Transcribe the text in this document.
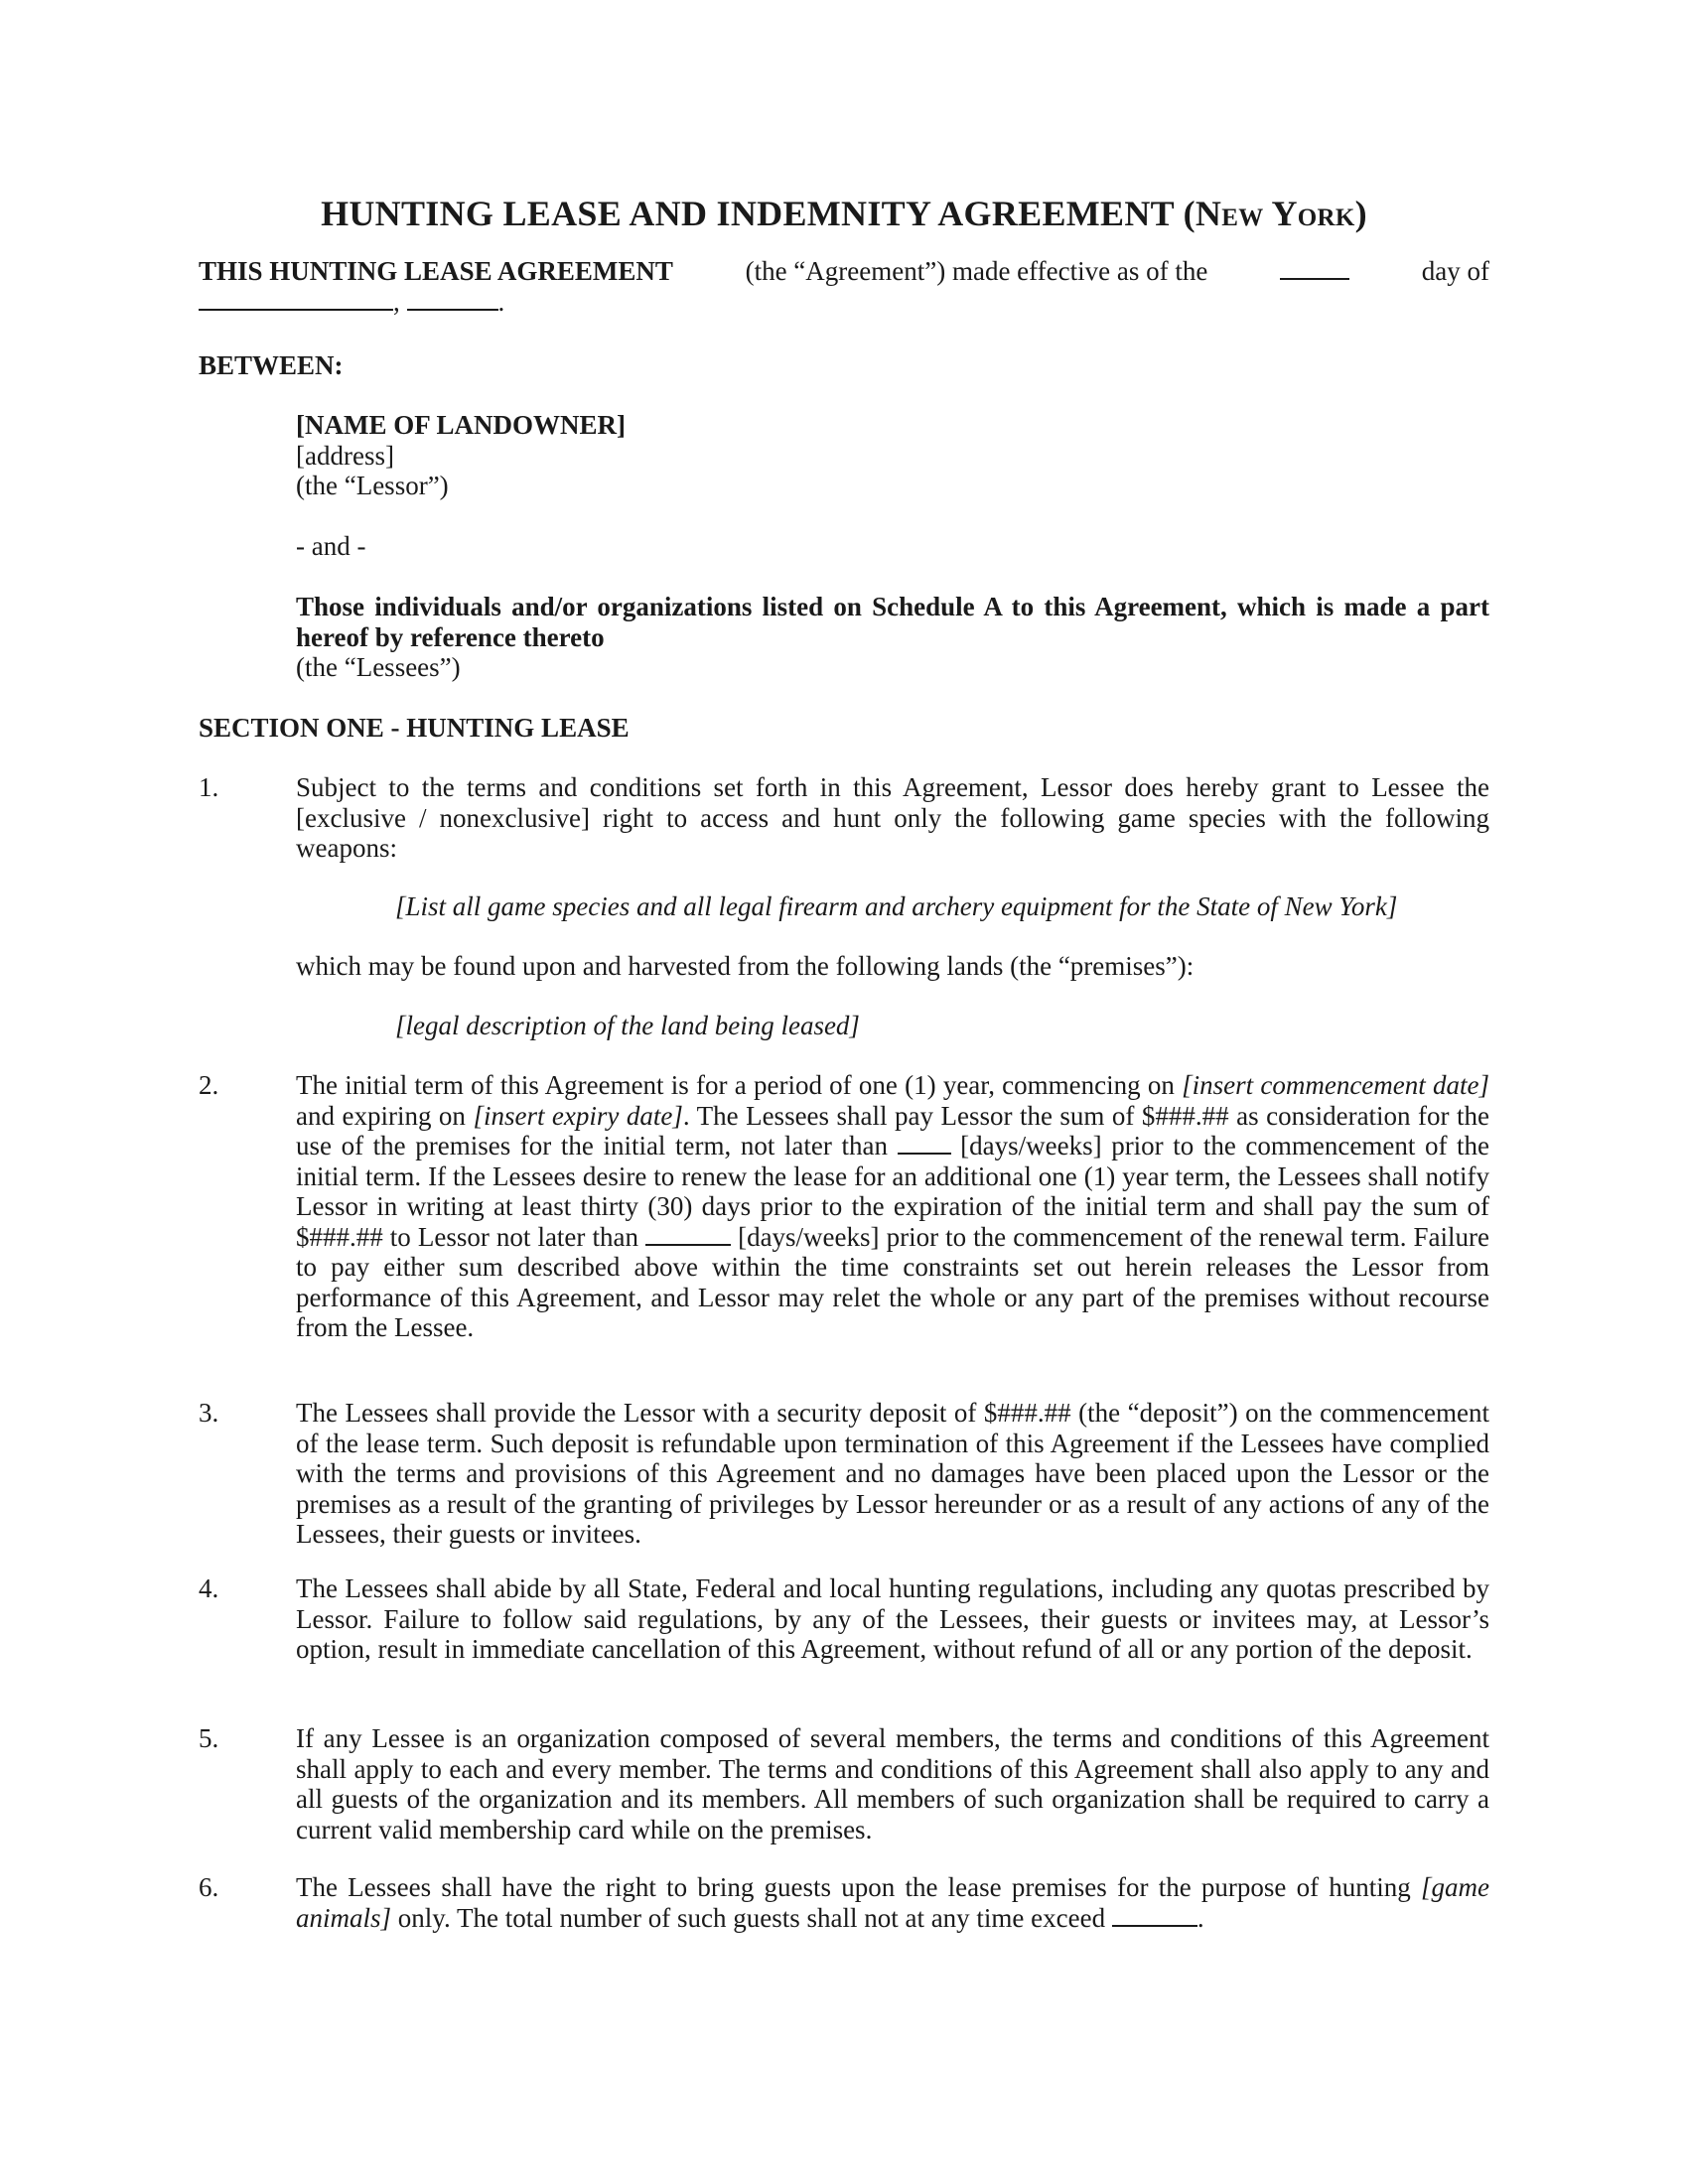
HUNTING LEASE AND INDEMNITY AGREEMENT (New York)
THIS HUNTING LEASE AGREEMENT	(the “Agreement”) made effective as of the	day of
,	.
BETWEEN:
[NAME OF LANDOWNER]
[address]
(the “Lessor”)
- and -
Those individuals and/or organizations listed on Schedule A to this Agreement, which is made a part hereof by reference thereto
(the “Lessees”)
SECTION ONE - HUNTING LEASE
1.	Subject to the terms and conditions set forth in this Agreement, Lessor does hereby grant to Lessee the [exclusive / nonexclusive] right to access and hunt only the following game species with the following weapons:
[List all game species and all legal firearm and archery equipment for the State of New York]
which may be found upon and harvested from the following lands (the “premises”):
[legal description of the land being leased]
2.	The initial term of this Agreement is for a period of one (1) year, commencing on [insert commencement date] and expiring on [insert expiry date]. The Lessees shall pay Lessor the sum of $###.## as consideration for the use of the premises for the initial term, not later than	[days/weeks] prior to the commencement of the initial term. If the Lessees desire to renew the lease for an additional one (1) year term, the Lessees shall notify Lessor in writing at least thirty (30) days prior to the expiration of the initial term and shall pay the sum of $###.## to Lessor not later than	[days/weeks] prior to the commencement of the renewal term. Failure to pay either sum described above within the time constraints set out herein releases the Lessor from performance of this Agreement, and Lessor may relet the whole or any part of the premises without recourse from the Lessee.
3.	The Lessees shall provide the Lessor with a security deposit of $###.## (the “deposit”) on the commencement of the lease term. Such deposit is refundable upon termination of this Agreement if the Lessees have complied with the terms and provisions of this Agreement and no damages have been placed upon the Lessor or the premises as a result of the granting of privileges by Lessor hereunder or as a result of any actions of any of the Lessees, their guests or invitees.
4.	The Lessees shall abide by all State, Federal and local hunting regulations, including any quotas prescribed by Lessor. Failure to follow said regulations, by any of the Lessees, their guests or invitees may, at Lessor’s option, result in immediate cancellation of this Agreement, without refund of all or any portion of the deposit.
5.	If any Lessee is an organization composed of several members, the terms and conditions of this Agreement shall apply to each and every member. The terms and conditions of this Agreement shall also apply to any and all guests of the organization and its members. All members of such organization shall be required to carry a current valid membership card while on the premises.
6.	The Lessees shall have the right to bring guests upon the lease premises for the purpose of hunting [game animals] only. The total number of such guests shall not at any time exceed	.
